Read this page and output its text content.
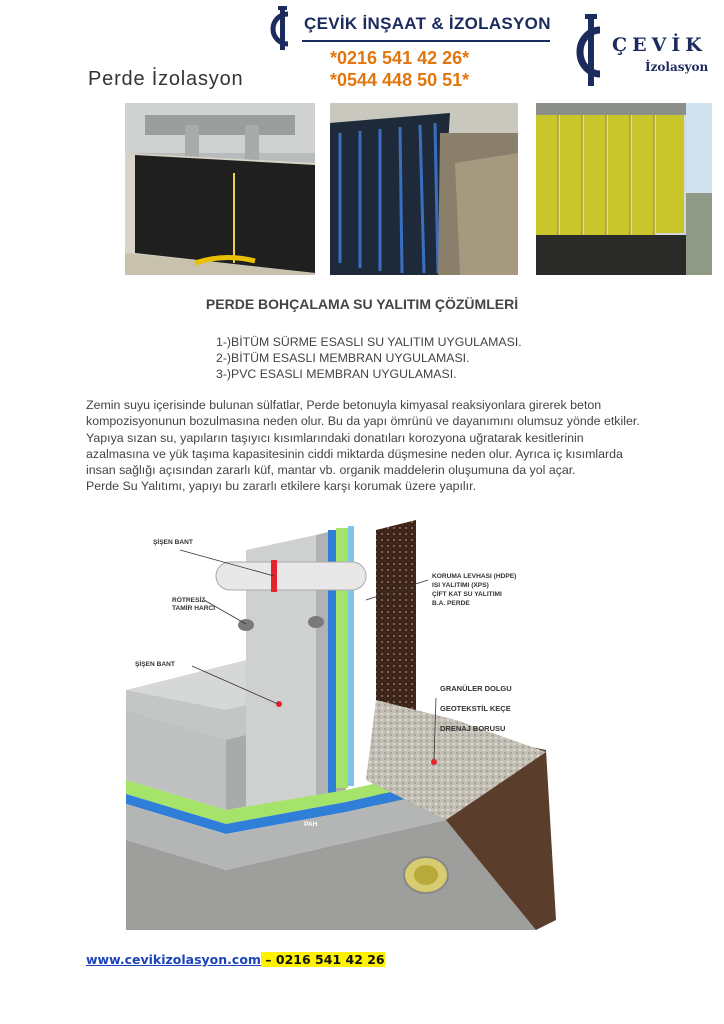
ÇEVİK İNŞAAT & İZOLASYON
*0216 541 42 26*
*0544 448 50 51*
ÇEVİK
İzolasyon
Perde İzolasyon
PERDE BOHÇALAMA SU YALITIM ÇÖZÜMLERİ
1-)BİTÜM SÜRME ESASLI SU YALITIM UYGULAMASI.
2-)BİTÜM ESASLI MEMBRAN UYGULAMASI.
3-)PVC ESASLI MEMBRAN UYGULAMASI.

Zemin suyu içerisinde bulunan sülfatlar, Perde betonuyla kimyasal reaksiyonlara girerek beton kompozisyonunun bozulmasına neden olur. Bu da yapı ömrünü ve dayanımını olumsuz yönde etkiler. Yapıya sızan su, yapıların taşıyıcı kısımlarındaki donatıları korozyona uğratarak kesitlerinin azalmasına ve yük taşıma kapasitesinin ciddi miktarda düşmesine neden olur. Ayrıca iç kısımlarda insan sağlığı açısından zararlı küf, mantar vb. organik maddelerin oluşumuna da yol açar.

Perde Su Yalıtımı, yapıyı bu zararlı etkilere karşı korumak üzere yapılır.

ŞİŞEN BANT
RÖTRESİZ
TAMİR HARCI
ŞİŞEN BANT
KORUMA LEVHASI (HDPE)
ISI YALITIMI (XPS)
ÇİFT KAT SU YALITIMI
B.A. PERDE
GRANÜLER DOLGU
GEOTEKSTİL KEÇE
DRENAJ BORUSU
PAH
www.cevikizolasyon.com – 0216 541 42 26
